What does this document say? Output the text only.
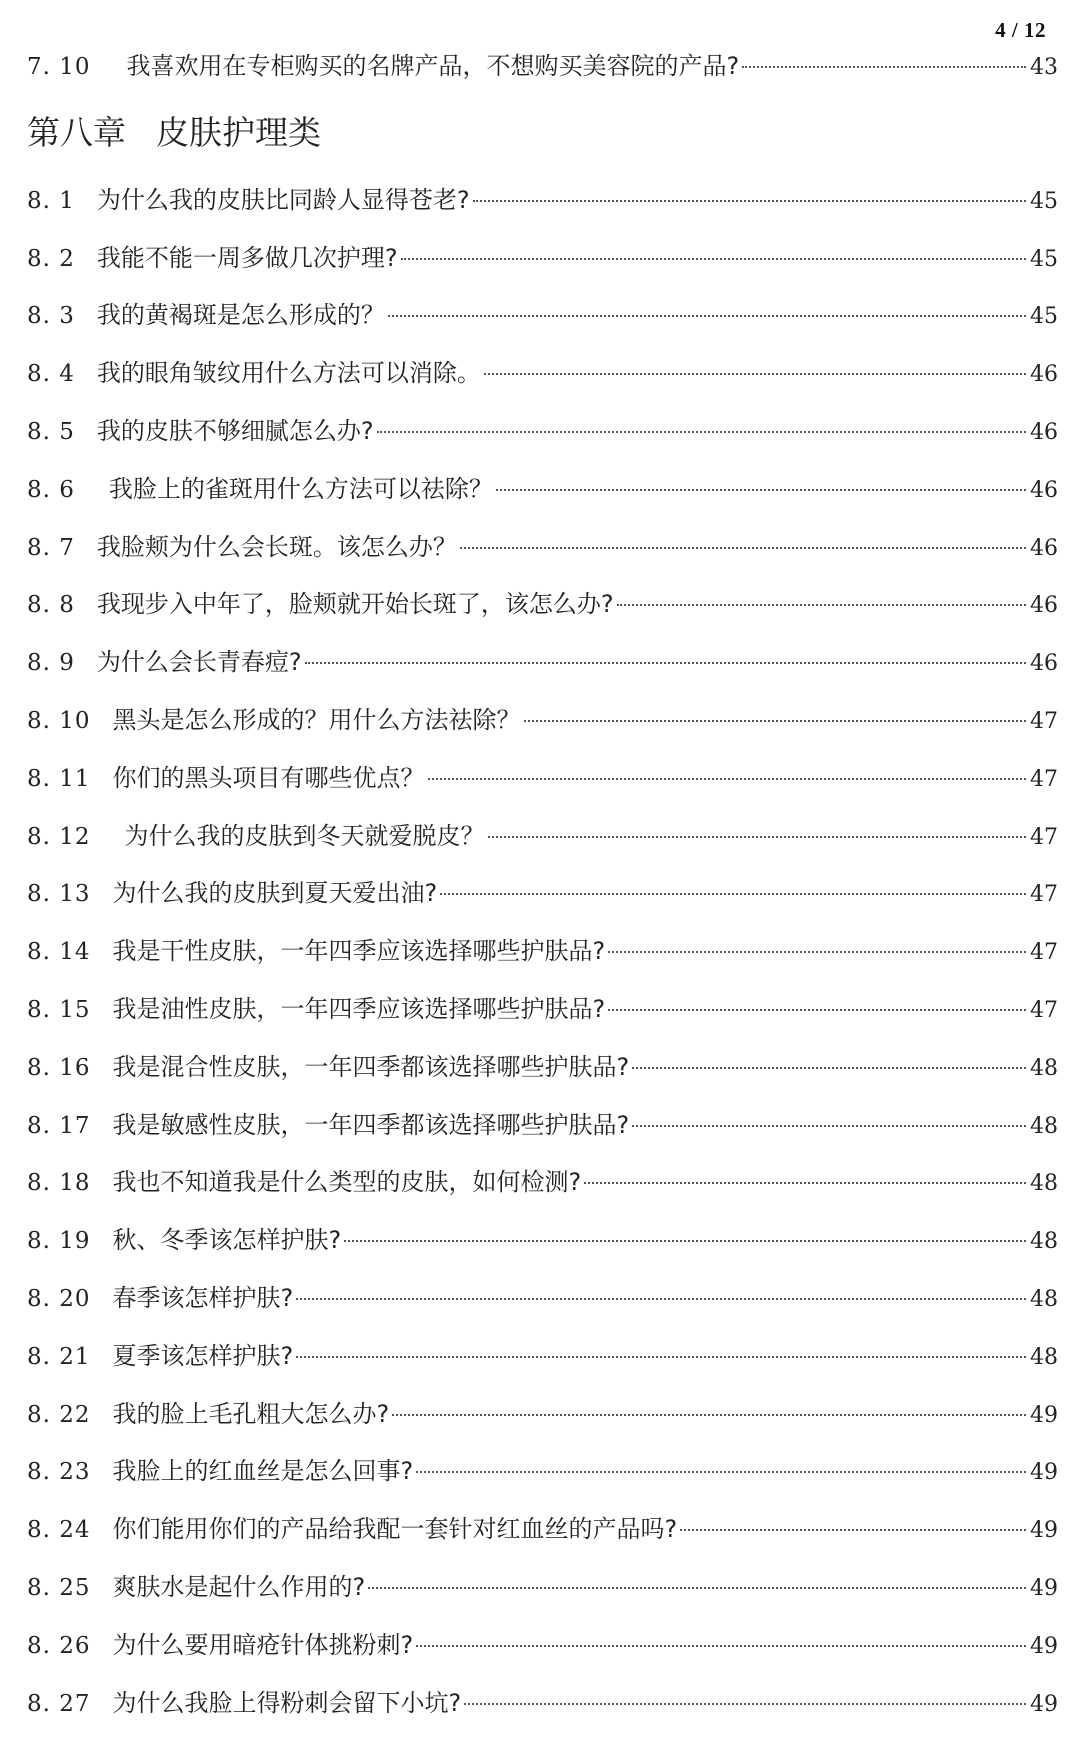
4 / 12
7. 10 我喜欢用在专柜购买的名牌产品，不想购买美容院的产品?	43
第八章 皮肤护理类
8. 1 为什么我的皮肤比同龄人显得苍老?	45
8. 2 我能不能一周多做几次护理?	45
8. 3 我的黄褐斑是怎么形成的？	45
8. 4 我的眼角皱纹用什么方法可以消除。	46
8. 5 我的皮肤不够细腻怎么办?	46
8. 6 我脸上的雀斑用什么方法可以祛除？	46
8. 7 我脸颊为什么会长斑。该怎么办？	46
8. 8 我现步入中年了，脸颊就开始长斑了，该怎么办?	46
8. 9 为什么会长青春痘?	46
8. 10 黑头是怎么形成的？用什么方法祛除？	47
8. 11 你们的黑头项目有哪些优点？	47
8. 12 为什么我的皮肤到冬天就爱脱皮？	47
8. 13 为什么我的皮肤到夏天爱出油?	47
8. 14 我是干性皮肤，一年四季应该选择哪些护肤品?	47
8. 15 我是油性皮肤，一年四季应该选择哪些护肤品?	47
8. 16 我是混合性皮肤，一年四季都该选择哪些护肤品?	48
8. 17 我是敏感性皮肤，一年四季都该选择哪些护肤品?	48
8. 18 我也不知道我是什么类型的皮肤，如何检测?	48
8. 19 秋、冬季该怎样护肤?	48
8. 20 春季该怎样护肤?	48
8. 21 夏季该怎样护肤?	48
8. 22 我的脸上毛孔粗大怎么办?	49
8. 23 我脸上的红血丝是怎么回事?	49
8. 24 你们能用你们的产品给我配一套针对红血丝的产品吗?	49
8. 25 爽肤水是起什么作用的?	49
8. 26 为什么要用暗疮针体挑粉刺?	49
8. 27 为什么我脸上得粉刺会留下小坑?	49
